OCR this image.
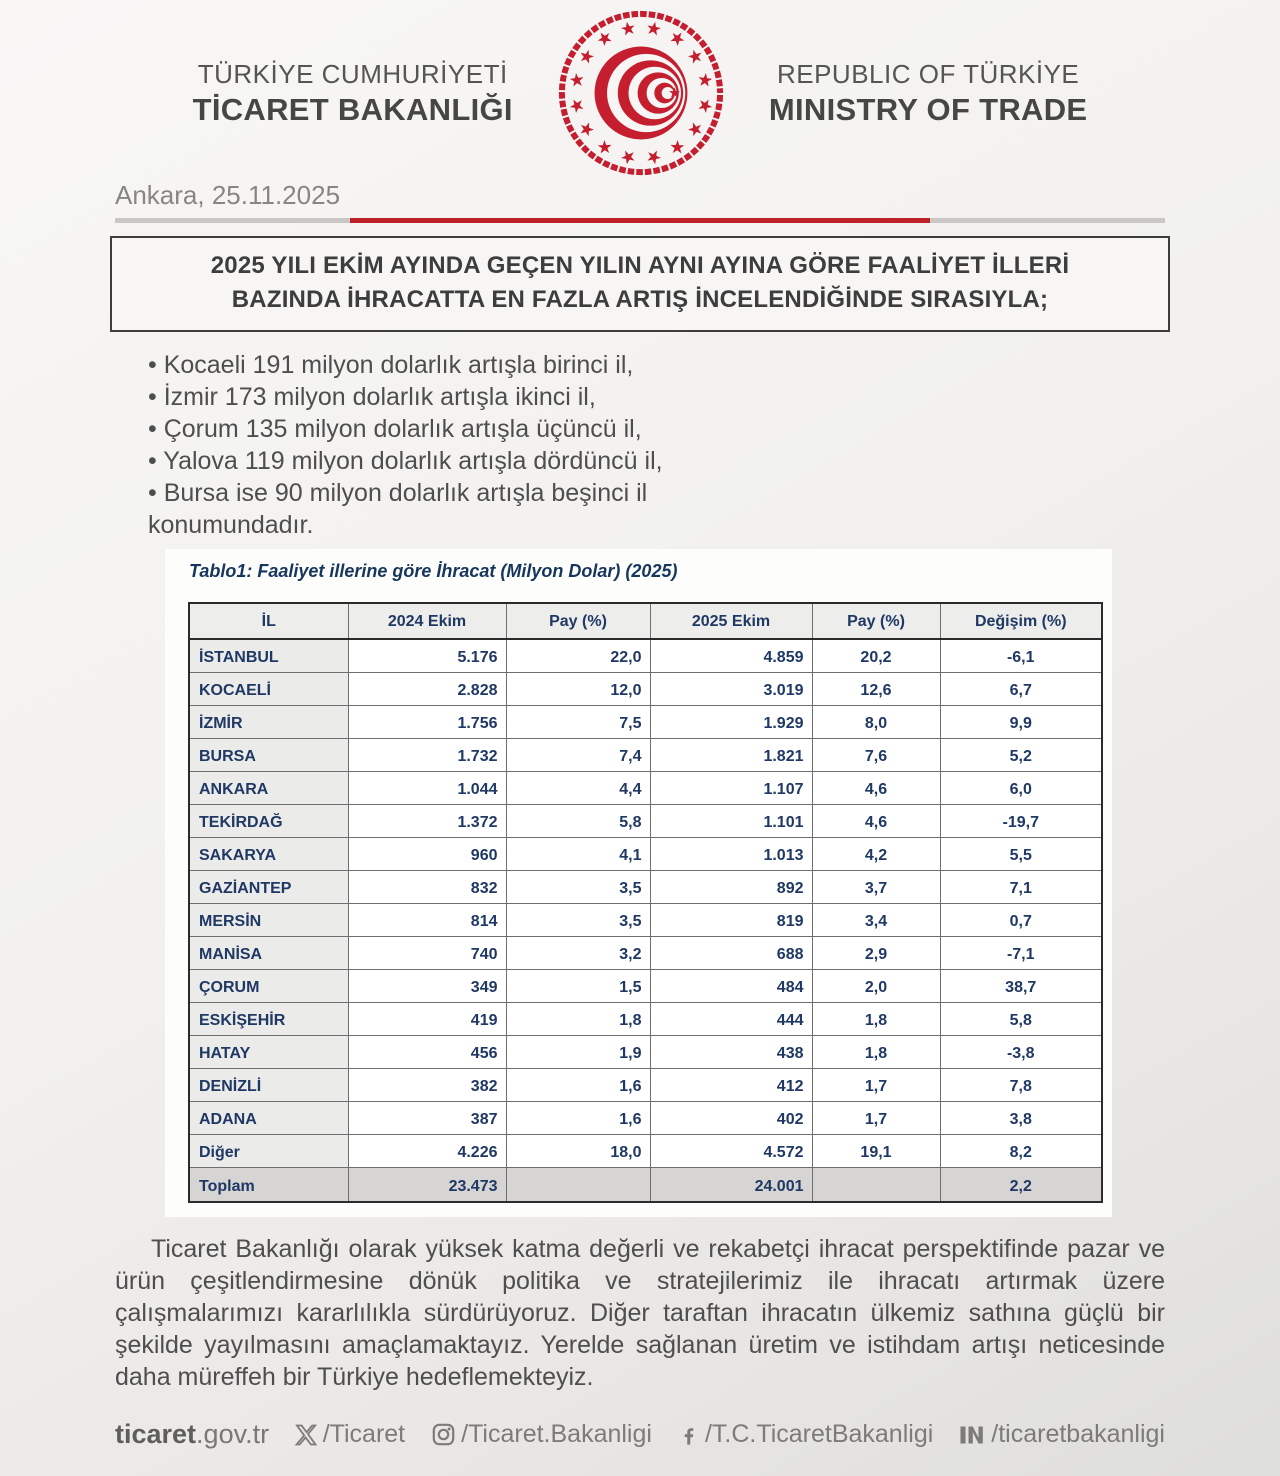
TÜRKİYE CUMHURİYETİ
TİCARET BAKANLIĞI
REPUBLIC OF TÜRKİYE
MINISTRY OF TRADE
Ankara, 25.11.2025
2025 YILI EKİM AYINDA GEÇEN YILIN AYNI AYINA GÖRE FAALİYET İLLERİ
BAZINDA İHRACATTA EN FAZLA ARTIŞ İNCELENDİĞİNDE SIRASIYLA;
• Kocaeli 191 milyon dolarlık artışla birinci il,
• İzmir 173 milyon dolarlık artışla ikinci il,
• Çorum 135 milyon dolarlık artışla üçüncü il,
• Yalova 119 milyon dolarlık artışla dördüncü il,
• Bursa ise 90 milyon dolarlık artışla beşinci il
konumundadır.
Tablo1: Faaliyet illerine göre İhracat (Milyon Dolar) (2025)
İL	2024 Ekim	Pay (%)	2025 Ekim	Pay (%)	Değişim (%)
İSTANBUL	5.176	22,0	4.859	20,2	-6,1
KOCAELİ	2.828	12,0	3.019	12,6	6,7
İZMİR	1.756	7,5	1.929	8,0	9,9
BURSA	1.732	7,4	1.821	7,6	5,2
ANKARA	1.044	4,4	1.107	4,6	6,0
TEKİRDAĞ	1.372	5,8	1.101	4,6	-19,7
SAKARYA	960	4,1	1.013	4,2	5,5
GAZİANTEP	832	3,5	892	3,7	7,1
MERSİN	814	3,5	819	3,4	0,7
MANİSA	740	3,2	688	2,9	-7,1
ÇORUM	349	1,5	484	2,0	38,7
ESKİŞEHİR	419	1,8	444	1,8	5,8
HATAY	456	1,9	438	1,8	-3,8
DENİZLİ	382	1,6	412	1,7	7,8
ADANA	387	1,6	402	1,7	3,8
Diğer	4.226	18,0	4.572	19,1	8,2
Toplam	23.473		24.001		2,2

Ticaret Bakanlığı olarak yüksek katma değerli ve rekabetçi ihracat perspektifinde pazar ve ürün çeşitlendirmesine dönük politika ve stratejilerimiz ile ihracatı artırmak üzere çalışmalarımızı kararlılıkla sürdürüyoruz. Diğer taraftan ihracatın ülkemiz sathına güçlü bir şekilde yayılmasını amaçlamaktayız. Yerelde sağlanan üretim ve istihdam artışı neticesinde daha müreffeh bir Türkiye hedeflemekteyiz.

ticaret.gov.tr /Ticaret /Ticaret.Bakanligi /T.C.TicaretBakanligi /ticaretbakanligi
